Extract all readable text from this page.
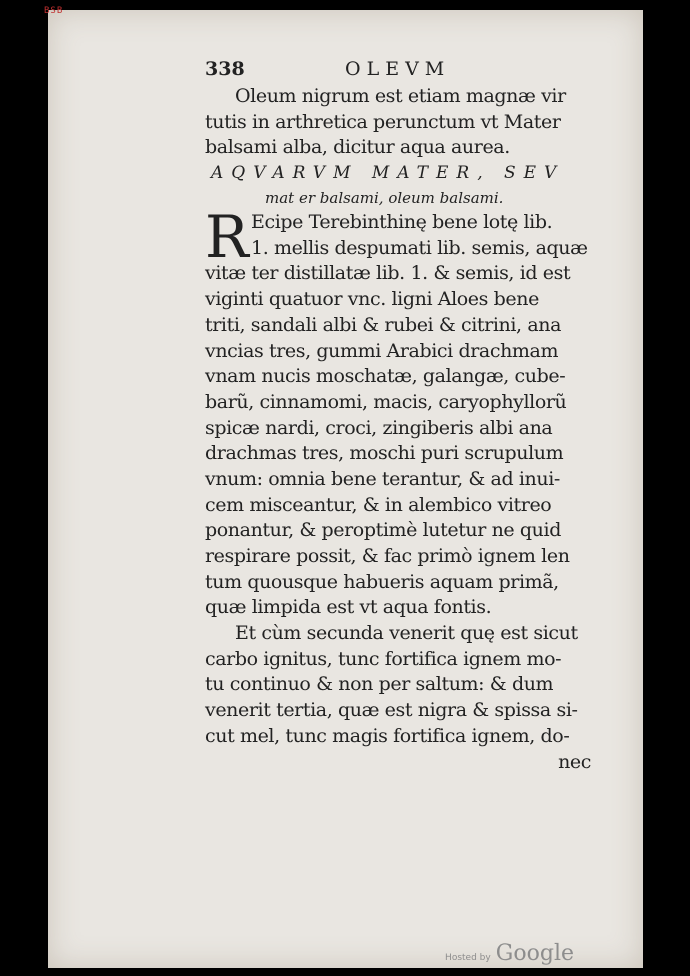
BSB
338	OLEVM
Oleum nigrum est etiam magnæ vir
tutis in arthretica perunctum vt Mater
balsami alba, dicitur aqua aurea.
AQVARVM MATER, SEV
mat er balsami, oleum balsami.
R Ecipe Terebinthinę bene lotę lib.
1. mellis despumati lib. semis, aquæ
vitæ ter distillatæ lib. 1. & semis, id est
viginti quatuor vnc. ligni Aloes bene
triti, sandali albi & rubei & citrini, ana
vncias tres, gummi Arabici drachmam
vnam nucis moschatæ, galangæ, cube-
barũ, cinnamomi, macis, caryophyllorũ
spicæ nardi, croci, zingiberis albi ana
drachmas tres, moschi puri scrupulum
vnum: omnia bene terantur, & ad inui-
cem misceantur, & in alembico vitreo
ponantur, & peroptimè lutetur ne quid
respirare possit, & fac primò ignem len
tum quousque habueris aquam primã,
quæ limpida est vt aqua fontis.
Et cùm secunda venerit quę est sicut
carbo ignitus, tunc fortifica ignem mo-
tu continuo & non per saltum: & dum
venerit tertia, quæ est nigra & spissa si-
cut mel, tunc magis fortifica ignem, do-
nec
Hosted by Google
